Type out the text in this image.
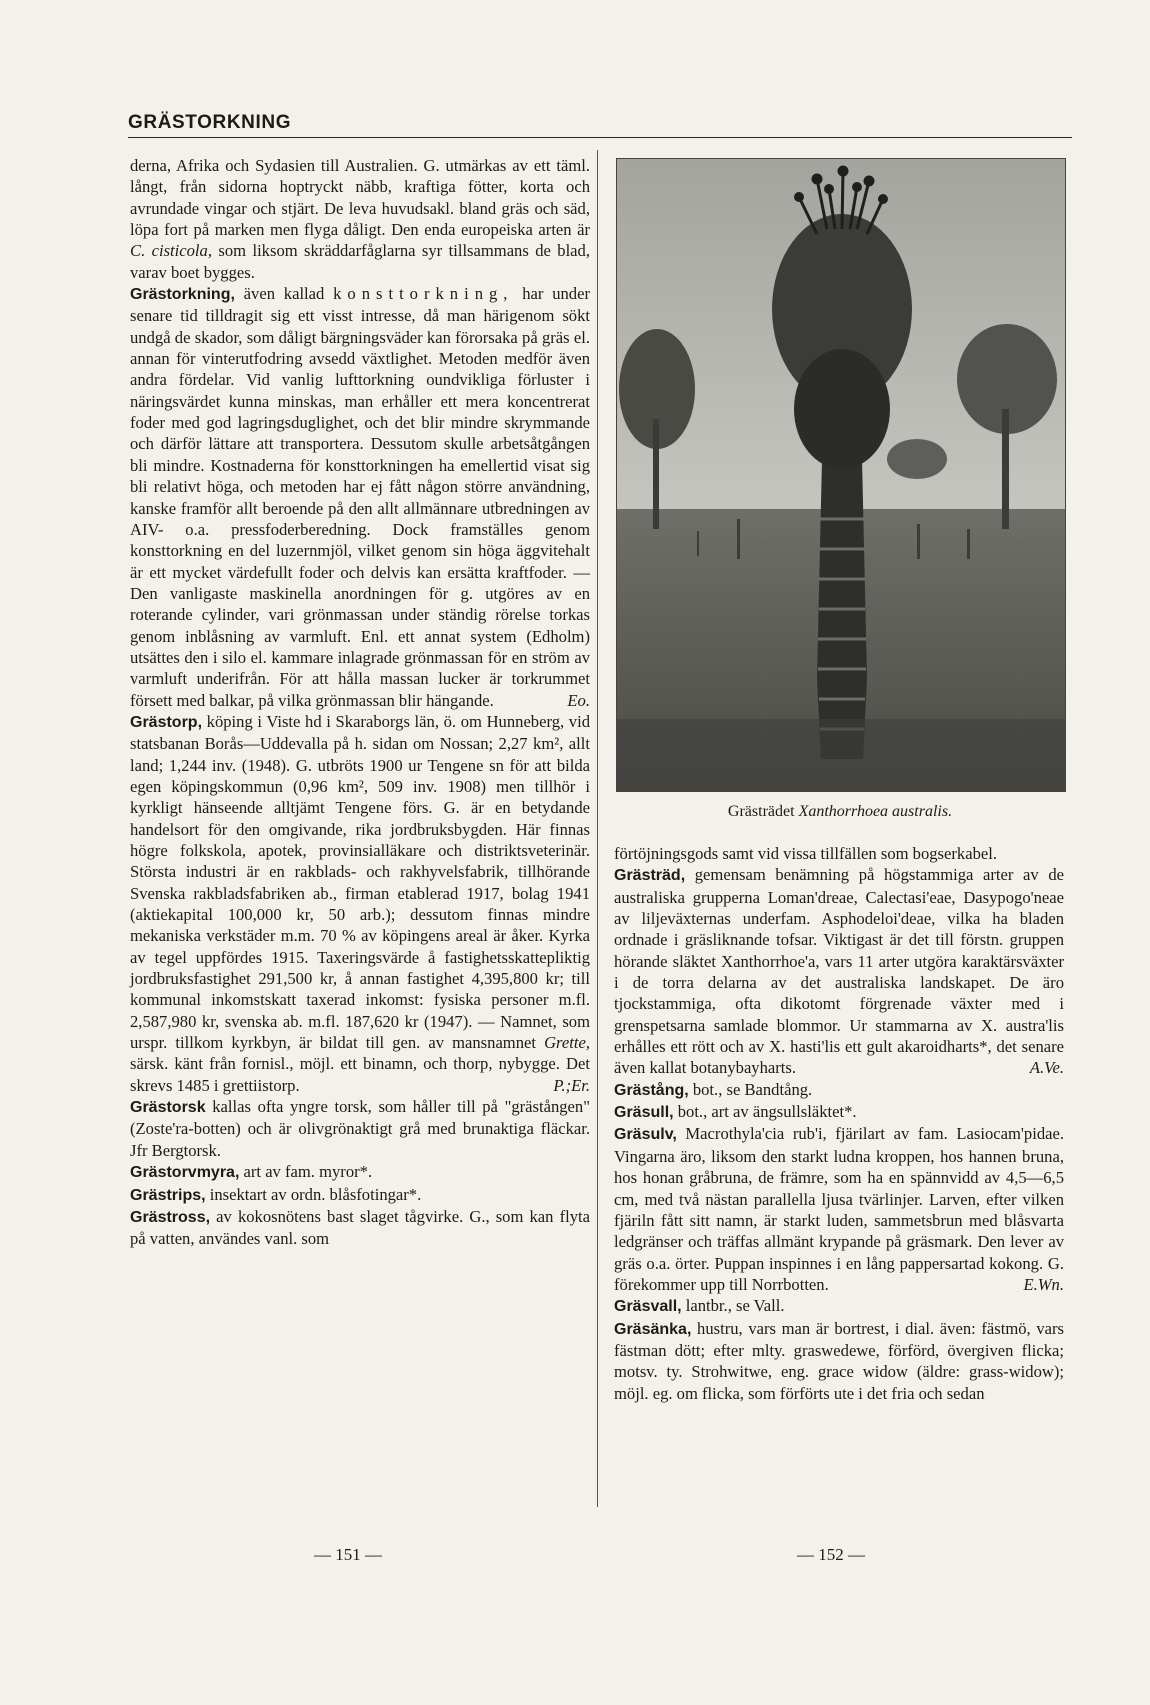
GRÄSTORKNING

derna, Afrika och Sydasien till Australien. G. utmärkas av ett täml. långt, från sidorna hoptryckt näbb, kraftiga fötter, korta och avrundade vingar och stjärt. De leva huvudsakl. bland gräs och säd, löpa fort på marken men flyga dåligt. Den enda europeiska arten är C. cisticola, som liksom skräddarfåglarna syr tillsammans de blad, varav boet bygges.

Grästorkning, även kallad konsttorkning, har under senare tid tilldragit sig ett visst intresse, då man härigenom sökt undgå de skador, som dåligt bärgningsväder kan förorsaka på gräs el. annan för vinterutfodring avsedd växtlighet. Metoden medför även andra fördelar. Vid vanlig lufttorkning oundvikliga förluster i näringsvärdet kunna minskas, man erhåller ett mera koncentrerat foder med god lagringsduglighet, och det blir mindre skrymmande och därför lättare att transportera. Dessutom skulle arbetsåtgången bli mindre. Kostnaderna för konsttorkningen ha emellertid visat sig bli relativt höga, och metoden har ej fått någon större användning, kanske framför allt beroende på den allt allmännare utbredningen av AIV- o.a. pressfoderberedning. Dock framställes genom konsttorkning en del luzernmjöl, vilket genom sin höga äggvitehalt är ett mycket värdefullt foder och delvis kan ersätta kraftfoder. — Den vanligaste maskinella anordningen för g. utgöres av en roterande cylinder, vari grönmassan under ständig rörelse torkas genom inblåsning av varmluft. Enl. ett annat system (Edholm) utsättes den i silo el. kammare inlagrade grönmassan för en ström av varmluft underifrån. För att hålla massan lucker är torkrummet försett med balkar, på vilka grönmassan blir hängande.	Eo.

Grästorp, köping i Viste hd i Skaraborgs län, ö. om Hunneberg, vid statsbanan Borås—Uddevalla på h. sidan om Nossan; 2,27 km², allt land; 1,244 inv. (1948). G. utbröts 1900 ur Tengene sn för att bilda egen köpingskommun (0,96 km², 509 inv. 1908) men tillhör i kyrkligt hänseende alltjämt Tengene förs. G. är en betydande handelsort för den omgivande, rika jordbruksbygden. Här finnas högre folkskola, apotek, provinsialläkare och distriktsveterinär. Största industri är en rakblads- och rakhyvelsfabrik, tillhörande Svenska rakbladsfabriken ab., firman etablerad 1917, bolag 1941 (aktiekapital 100,000 kr, 50 arb.); dessutom finnas mindre mekaniska verkstäder m.m. 70 % av köpingens areal är åker. Kyrka av tegel uppfördes 1915. Taxeringsvärde å fastighetsskattepliktig jordbruksfastighet 291,500 kr, å annan fastighet 4,395,800 kr; till kommunal inkomstskatt taxerad inkomst: fysiska personer m.fl. 2,587,980 kr, svenska ab. m.fl. 187,620 kr (1947). — Namnet, som urspr. tillkom kyrkbyn, är bildat till gen. av mansnamnet Grette, särsk. känt från fornisl., möjl. ett binamn, och thorp, nybygge. Det skrevs 1485 i grettiistorp.	P.;Er.

Grästorsk kallas ofta yngre torsk, som håller till på "grästången" (Zoste'ra-botten) och är olivgrönaktigt grå med brunaktiga fläckar. Jfr Bergtorsk.

Grästorvmyra, art av fam. myror*.

Grästrips, insektart av ordn. blåsfotingar*.

Grästross, av kokosnötens bast slaget tågvirke. G., som kan flyta på vatten, användes vanl. som

Grästrädet Xanthorrhoea australis.

förtöjningsgods samt vid vissa tillfällen som bogserkabel.

Grästräd, gemensam benämning på högstammiga arter av de australiska grupperna Loman'dreae, Calectasi'eae, Dasypogo'neae av liljeväxternas underfam. Asphodeloi'deae, vilka ha bladen ordnade i gräsliknande tofsar. Viktigast är det till förstn. gruppen hörande släktet Xanthorrhoe'a, vars 11 arter utgöra karaktärsväxter i de torra delarna av det australiska landskapet. De äro tjockstammiga, ofta dikotomt förgrenade växter med i grenspetsarna samlade blommor. Ur stammarna av X. austra'lis erhålles ett rött och av X. hasti'lis ett gult akaroidharts*, det senare även kallat botanybayharts.	A.Ve.

Grästång, bot., se Bandtång.

Gräsull, bot., art av ängsullsläktet*.

Gräsulv, Macrothyla'cia rub'i, fjärilart av fam. Lasiocam'pidae. Vingarna äro, liksom den starkt ludna kroppen, hos hannen bruna, hos honan gråbruna, de främre, som ha en spännvidd av 4,5—6,5 cm, med två nästan parallella ljusa tvärlinjer. Larven, efter vilken fjäriln fått sitt namn, är starkt luden, sammetsbrun med blåsvarta ledgränser och träffas allmänt krypande på gräsmark. Den lever av gräs o.a. örter. Puppan inspinnes i en lång pappersartad kokong. G. förekommer upp till Norrbotten.	E.Wn.

Gräsvall, lantbr., se Vall.

Gräsänka, hustru, vars man är bortrest, i dial. även: fästmö, vars fästman dött; efter mlty. graswedewe, förförd, övergiven flicka; motsv. ty. Strohwitwe, eng. grace widow (äldre: grass-widow); möjl. eg. om flicka, som förförts ute i det fria och sedan

— 151 —	— 152 —
